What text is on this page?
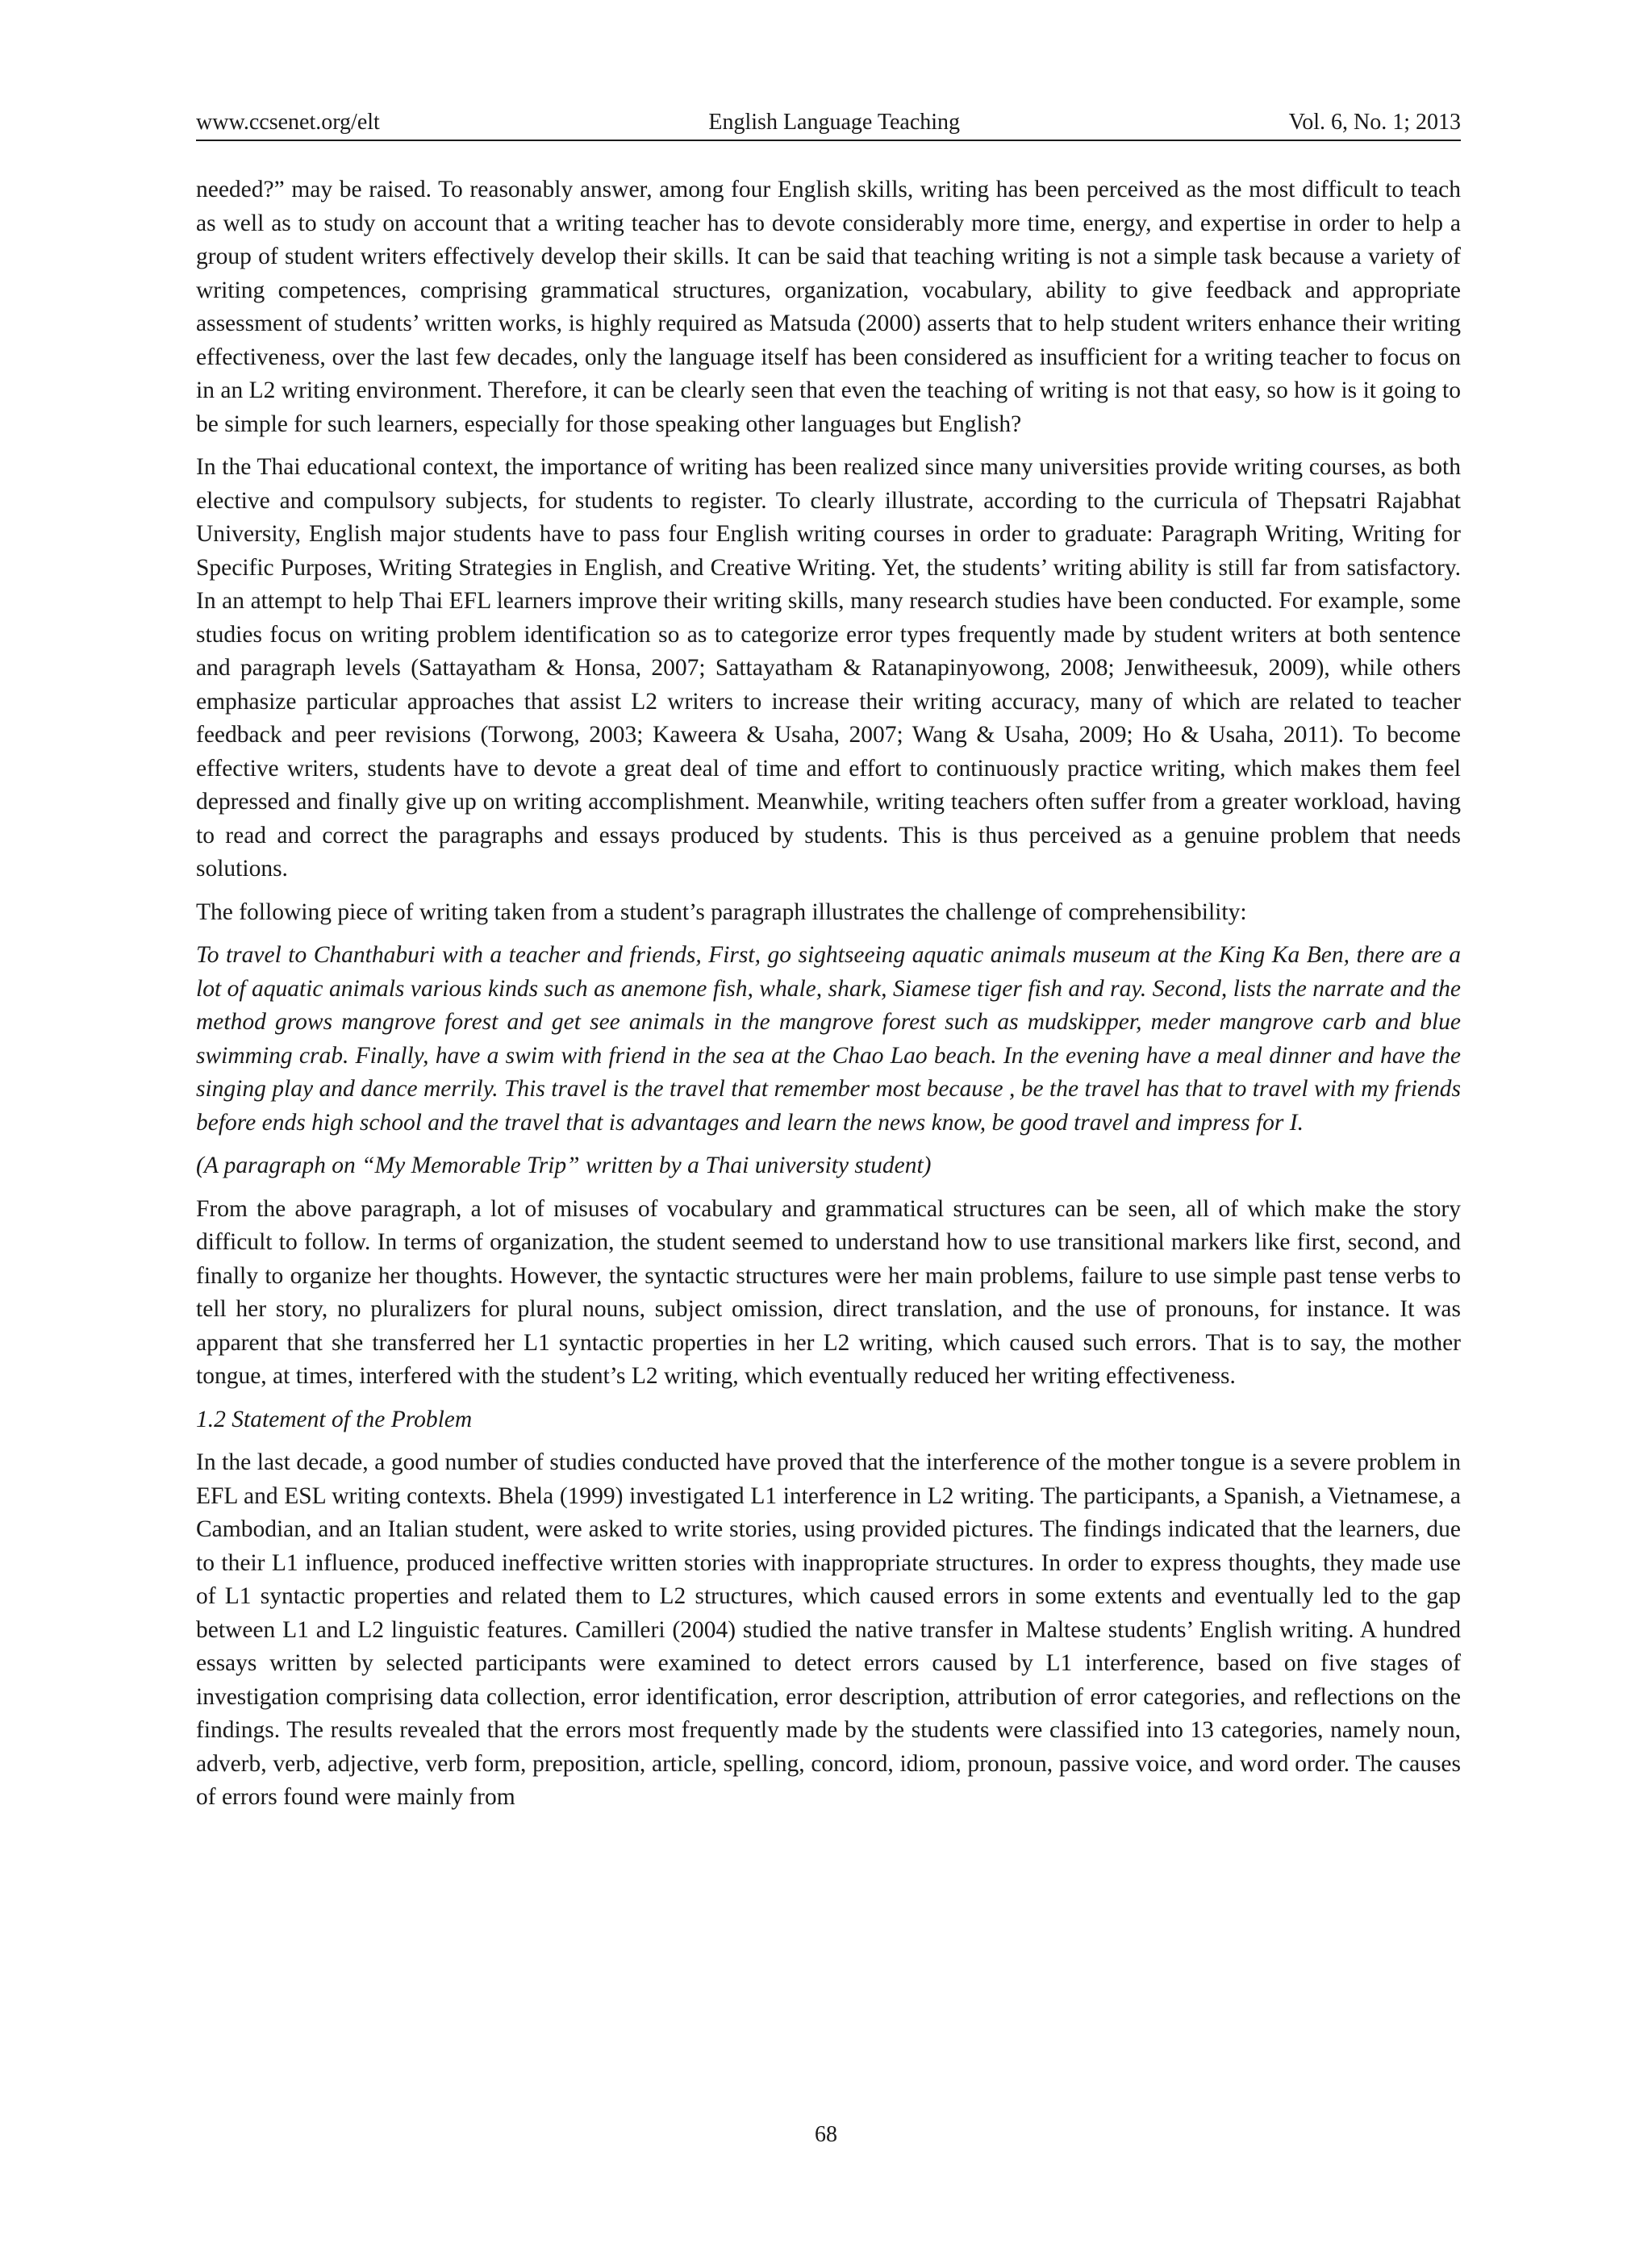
www.ccsenet.org/elt	English Language Teaching	Vol. 6, No. 1; 2013

needed?” may be raised. To reasonably answer, among four English skills, writing has been perceived as the most difficult to teach as well as to study on account that a writing teacher has to devote considerably more time, energy, and expertise in order to help a group of student writers effectively develop their skills. It can be said that teaching writing is not a simple task because a variety of writing competences, comprising grammatical structures, organization, vocabulary, ability to give feedback and appropriate assessment of students’ written works, is highly required as Matsuda (2000) asserts that to help student writers enhance their writing effectiveness, over the last few decades, only the language itself has been considered as insufficient for a writing teacher to focus on in an L2 writing environment. Therefore, it can be clearly seen that even the teaching of writing is not that easy, so how is it going to be simple for such learners, especially for those speaking other languages but English?

In the Thai educational context, the importance of writing has been realized since many universities provide writing courses, as both elective and compulsory subjects, for students to register. To clearly illustrate, according to the curricula of Thepsatri Rajabhat University, English major students have to pass four English writing courses in order to graduate: Paragraph Writing, Writing for Specific Purposes, Writing Strategies in English, and Creative Writing. Yet, the students’ writing ability is still far from satisfactory. In an attempt to help Thai EFL learners improve their writing skills, many research studies have been conducted. For example, some studies focus on writing problem identification so as to categorize error types frequently made by student writers at both sentence and paragraph levels (Sattayatham & Honsa, 2007; Sattayatham & Ratanapinyowong, 2008; Jenwitheesuk, 2009), while others emphasize particular approaches that assist L2 writers to increase their writing accuracy, many of which are related to teacher feedback and peer revisions (Torwong, 2003; Kaweera & Usaha, 2007; Wang & Usaha, 2009; Ho & Usaha, 2011). To become effective writers, students have to devote a great deal of time and effort to continuously practice writing, which makes them feel depressed and finally give up on writing accomplishment. Meanwhile, writing teachers often suffer from a greater workload, having to read and correct the paragraphs and essays produced by students. This is thus perceived as a genuine problem that needs solutions.

The following piece of writing taken from a student’s paragraph illustrates the challenge of comprehensibility:

To travel to Chanthaburi with a teacher and friends, First, go sightseeing aquatic animals museum at the King Ka Ben, there are a lot of aquatic animals various kinds such as anemone fish, whale, shark, Siamese tiger fish and ray. Second, lists the narrate and the method grows mangrove forest and get see animals in the mangrove forest such as mudskipper, meder mangrove carb and blue swimming crab. Finally, have a swim with friend in the sea at the Chao Lao beach. In the evening have a meal dinner and have the singing play and dance merrily. This travel is the travel that remember most because , be the travel has that to travel with my friends before ends high school and the travel that is advantages and learn the news know, be good travel and impress for I.

(A paragraph on “My Memorable Trip” written by a Thai university student)

From the above paragraph, a lot of misuses of vocabulary and grammatical structures can be seen, all of which make the story difficult to follow. In terms of organization, the student seemed to understand how to use transitional markers like first, second, and finally to organize her thoughts. However, the syntactic structures were her main problems, failure to use simple past tense verbs to tell her story, no pluralizers for plural nouns, subject omission, direct translation, and the use of pronouns, for instance. It was apparent that she transferred her L1 syntactic properties in her L2 writing, which caused such errors. That is to say, the mother tongue, at times, interfered with the student’s L2 writing, which eventually reduced her writing effectiveness.

1.2 Statement of the Problem

In the last decade, a good number of studies conducted have proved that the interference of the mother tongue is a severe problem in EFL and ESL writing contexts. Bhela (1999) investigated L1 interference in L2 writing. The participants, a Spanish, a Vietnamese, a Cambodian, and an Italian student, were asked to write stories, using provided pictures. The findings indicated that the learners, due to their L1 influence, produced ineffective written stories with inappropriate structures. In order to express thoughts, they made use of L1 syntactic properties and related them to L2 structures, which caused errors in some extents and eventually led to the gap between L1 and L2 linguistic features. Camilleri (2004) studied the native transfer in Maltese students’ English writing. A hundred essays written by selected participants were examined to detect errors caused by L1 interference, based on five stages of investigation comprising data collection, error identification, error description, attribution of error categories, and reflections on the findings. The results revealed that the errors most frequently made by the students were classified into 13 categories, namely noun, adverb, verb, adjective, verb form, preposition, article, spelling, concord, idiom, pronoun, passive voice, and word order. The causes of errors found were mainly from

68
